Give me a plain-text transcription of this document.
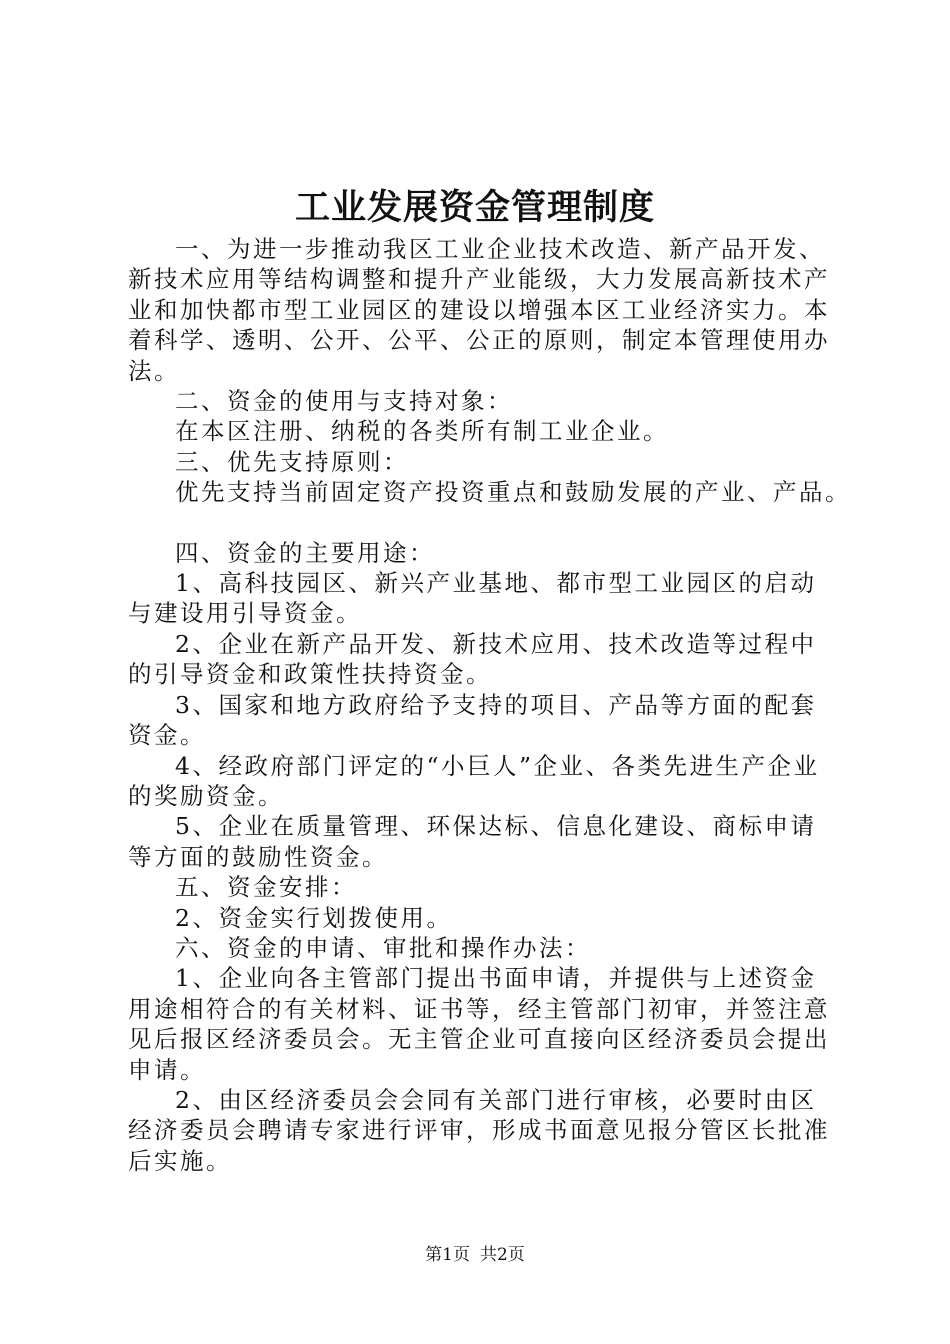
工业发展资金管理制度

一、为进一步推动我区工业企业技术改造、新产品开发、新技术应用等结构调整和提升产业能级，大力发展高新技术产业和加快都市型工业园区的建设以增强本区工业经济实力。本着科学、透明、公开、公平、公正的原则，制定本管理使用办法。

二、资金的使用与支持对象：

在本区注册、纳税的各类所有制工业企业。

三、优先支持原则：

优先支持当前固定资产投资重点和鼓励发展的产业、产品。

四、资金的主要用途：

1、高科技园区、新兴产业基地、都市型工业园区的启动与建设用引导资金。

2、企业在新产品开发、新技术应用、技术改造等过程中的引导资金和政策性扶持资金。

3、国家和地方政府给予支持的项目、产品等方面的配套资金。

4、经政府部门评定的“小巨人”企业、各类先进生产企业的奖励资金。

5、企业在质量管理、环保达标、信息化建设、商标申请等方面的鼓励性资金。

五、资金安排：

2、资金实行划拨使用。

六、资金的申请、审批和操作办法：

1、企业向各主管部门提出书面申请，并提供与上述资金用途相符合的有关材料、证书等，经主管部门初审，并签注意见后报区经济委员会。无主管企业可直接向区经济委员会提出申请。

2、由区经济委员会会同有关部门进行审核，必要时由区经济委员会聘请专家进行评审，形成书面意见报分管区长批准后实施。

第1页 共2页
